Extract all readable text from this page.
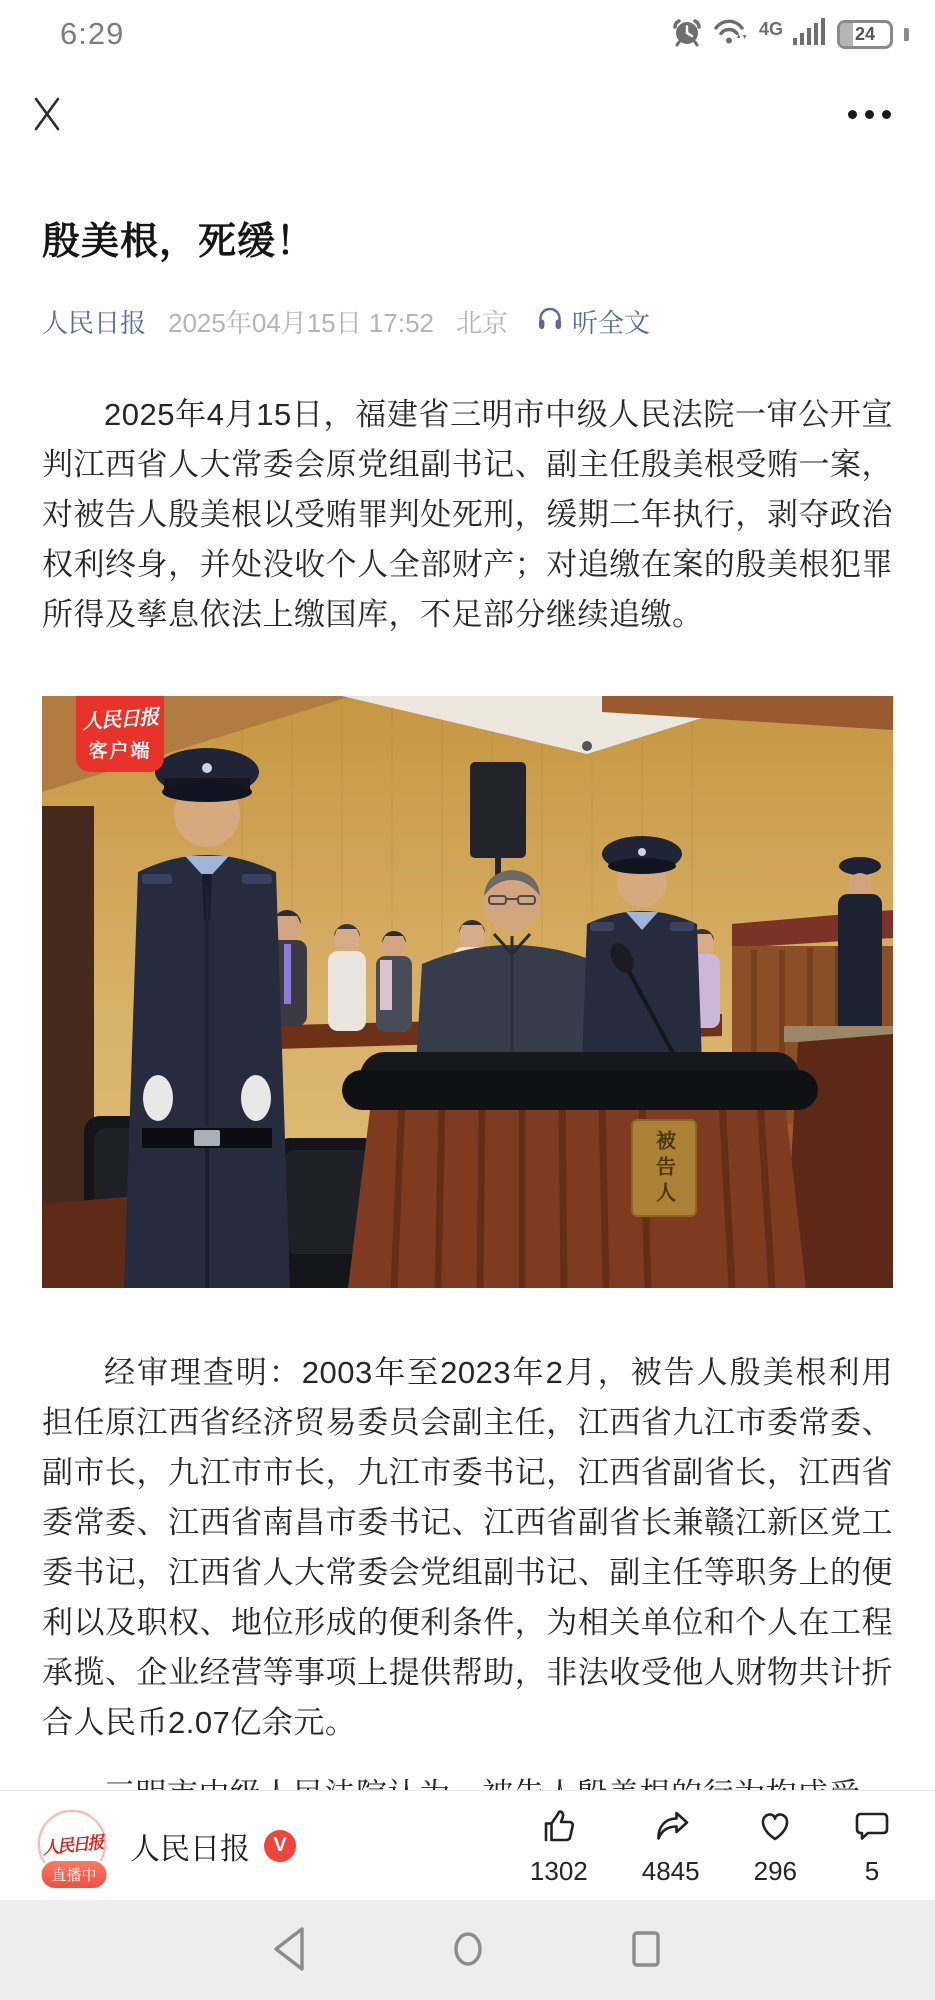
6:29	4G	24
殷美根，死缓！
人民日报 2025年04月15日 17:52 北京 听全文

2025年4月15日，福建省三明市中级人民法院一审公开宣判江西省人大常委会原党组副书记、副主任殷美根受贿一案，对被告人殷美根以受贿罪判处死刑，缓期二年执行，剥夺政治权利终身，并处没收个人全部财产；对追缴在案的殷美根犯罪所得及孳息依法上缴国库，不足部分继续追缴。

人民日报
客户端
被告人

经审理查明：2003年至2023年2月，被告人殷美根利用担任原江西省经济贸易委员会副主任，江西省九江市委常委、副市长，九江市市长，九江市委书记，江西省副省长，江西省委常委、江西省南昌市委书记、江西省副省长兼赣江新区党工委书记，江西省人大常委会党组副书记、副主任等职务上的便利以及职权、地位形成的便利条件，为相关单位和个人在工程承揽、企业经营等事项上提供帮助，非法收受他人财物共计折合人民币2.07亿余元。

人民日报
直播中
人民日报	V
1302 4845 296	5
